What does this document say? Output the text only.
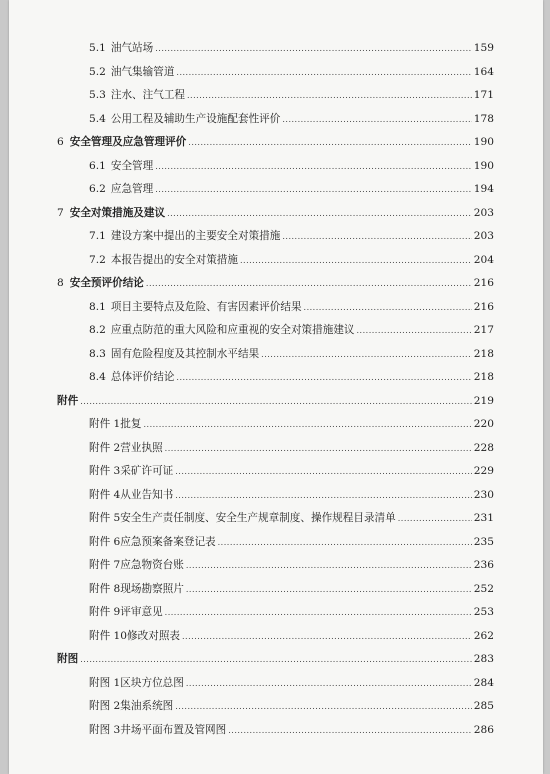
5.1 油气站场 .....	159
5.2 油气集输管道 .....	164
5.3 注水、注气工程 .....	171
5.4 公用工程及辅助生产设施配套性评价 .....	178
6 安全管理及应急管理评价 .....	190
6.1 安全管理 .....	190
6.2 应急管理 .....	194
7 安全对策措施及建议 .....	203
7.1 建设方案中提出的主要安全对策措施 .....	203
7.2 本报告提出的安全对策措施 .....	204
8 安全预评价结论 .....	216
8.1 项目主要特点及危险、有害因素评价结果 .....	216
8.2 应重点防范的重大风险和应重视的安全对策措施建议 .....	217
8.3 固有危险程度及其控制水平结果 .....	218
8.4 总体评价结论 .....	218
附件 .....	219
附件 1批复 .....	220
附件 2营业执照 .....	228
附件 3采矿许可证 .....	229
附件 4从业告知书 .....	230
附件 5安全生产责任制度、安全生产规章制度、操作规程目录清单 .....	231
附件 6应急预案备案登记表 .....	235
附件 7应急物资台账 .....	236
附件 8现场勘察照片 .....	252
附件 9评审意见 .....	253
附件 10修改对照表 .....	262
附图 .....	283
附图 1区块方位总图 .....	284
附图 2集油系统图 .....	285
附图 3井场平面布置及管网图 .....	286
